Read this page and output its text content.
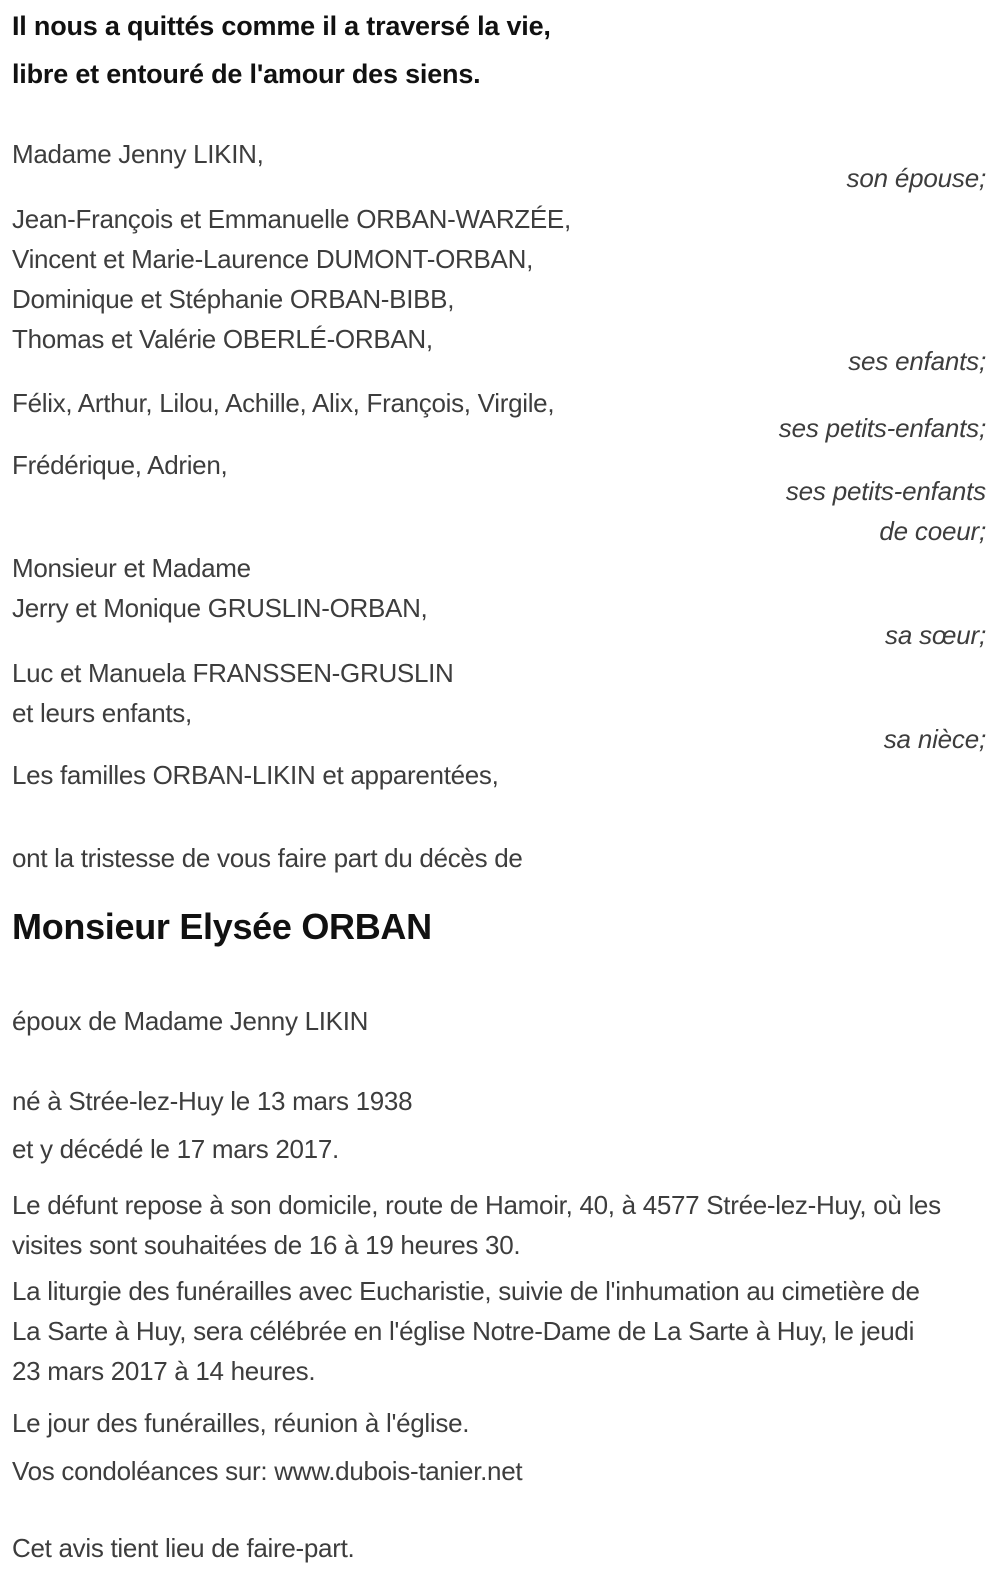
Il nous a quittés comme il a traversé la vie,
libre et entouré de l'amour des siens.
Madame Jenny LIKIN,
son épouse;
Jean-François et Emmanuelle ORBAN-WARZÉE,
Vincent et Marie-Laurence DUMONT-ORBAN,
Dominique et Stéphanie ORBAN-BIBB,
Thomas et Valérie OBERLÉ-ORBAN,
ses enfants;
Félix, Arthur, Lilou, Achille, Alix, François, Virgile,
ses petits-enfants;
Frédérique, Adrien,
ses petits-enfants
de coeur;
Monsieur et Madame
Jerry et Monique GRUSLIN-ORBAN,
sa sœur;
Luc et Manuela FRANSSEN-GRUSLIN
et leurs enfants,
sa nièce;
Les familles ORBAN-LIKIN et apparentées,
ont la tristesse de vous faire part du décès de
Monsieur Elysée ORBAN
époux de Madame Jenny LIKIN
né à Strée-lez-Huy le 13 mars 1938
et y décédé le 17 mars 2017.
Le défunt repose à son domicile, route de Hamoir, 40, à 4577 Strée-lez-Huy, où les visites sont souhaitées de 16 à 19 heures 30.
La liturgie des funérailles avec Eucharistie, suivie de l'inhumation au cimetière de La Sarte à Huy, sera célébrée en l'église Notre-Dame de La Sarte à Huy, le jeudi 23 mars 2017 à 14 heures.
Le jour des funérailles, réunion à l'église.
Vos condoléances sur: www.dubois-tanier.net
Cet avis tient lieu de faire-part.
